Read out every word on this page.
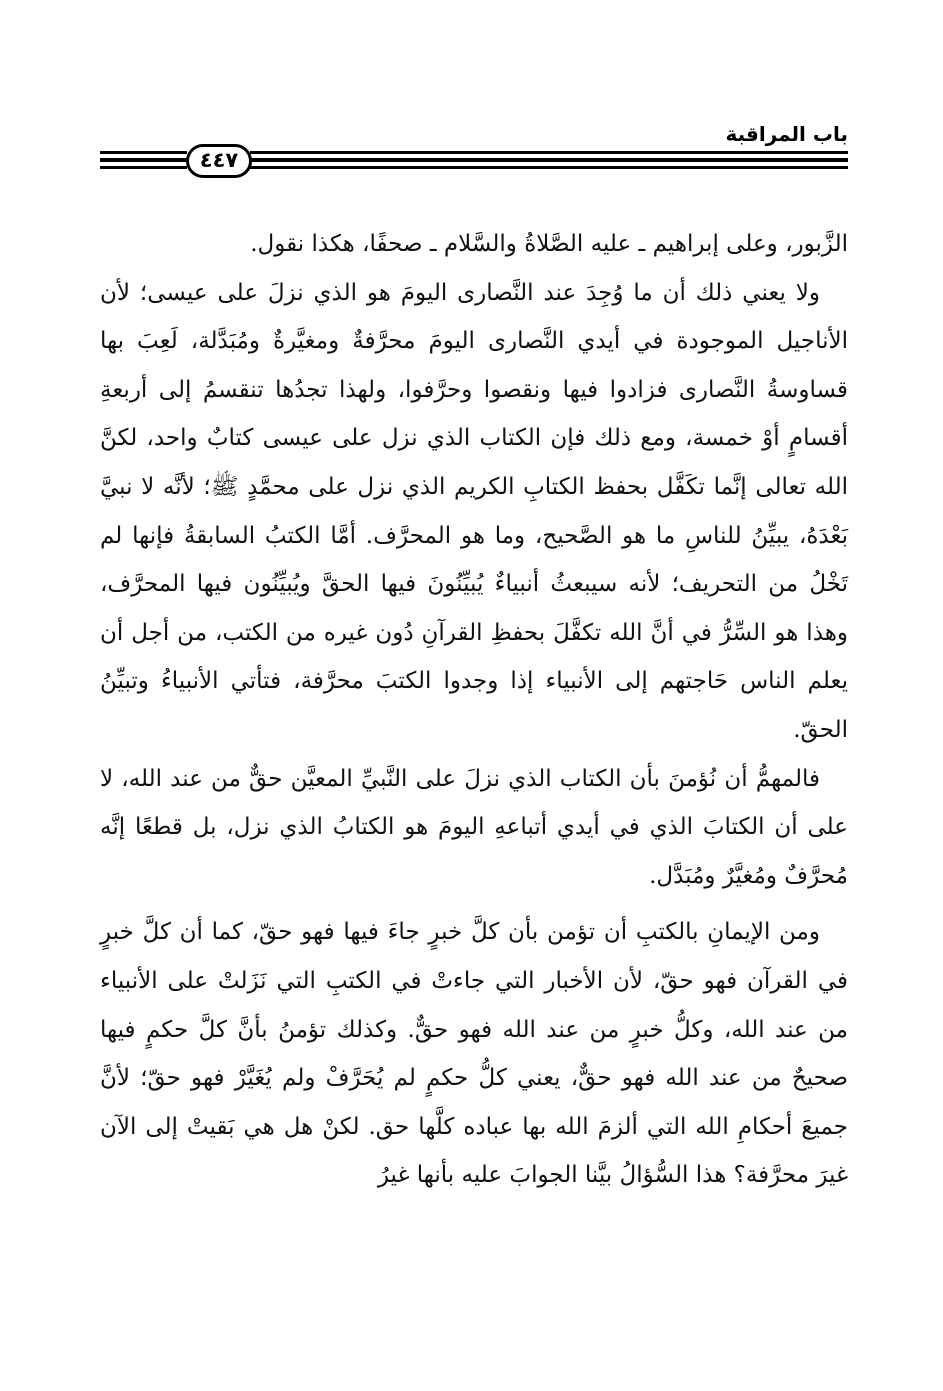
باب المراقبة
٤٤٧

الزَّبور، وعلى إبراهيم ـ عليه الصَّلاةُ والسَّلام ـ صحفًا، هكذا نقول.

ولا يعني ذلك أن ما وُجِدَ عند النَّصارى اليومَ هو الذي نزلَ على عيسى؛ لأن الأناجيل الموجودة في أيدي النَّصارى اليومَ محرَّفةٌ ومغيَّرةٌ ومُبَدَّلة، لَعِبَ بها قساوسةُ النَّصارى فزادوا فيها ونقصوا وحرَّفوا، ولهذا تجدُها تنقسمُ إلى أربعةِ أقسامٍ أوْ خمسة، ومع ذلك فإن الكتاب الذي نزل على عيسى كتابٌ واحد، لكنَّ الله تعالى إنَّما تكَفَّل بحفظ الكتابِ الكريم الذي نزل على محمَّدٍ ﷺ؛ لأنَّه لا نبيَّ بَعْدَهُ، يبيِّنُ للناسِ ما هو الصَّحيح، وما هو المحرَّف. أمَّا الكتبُ السابقةُ فإنها لم تَخْلُ من التحريف؛ لأنه سيبعثُ أنبياءٌ يُبيِّنُونَ فيها الحقَّ ويُبيِّنُون فيها المحرَّف، وهذا هو السِّرُّ في أنَّ الله تكفَّلَ بحفظِ القرآنِ دُون غيره من الكتب، من أجل أن يعلم الناس حَاجتهم إلى الأنبياء إذا وجدوا الكتبَ محرَّفة، فتأتي الأنبياءُ وتبيِّنُ الحقّ.

فالمهمُّ أن نُؤمنَ بأن الكتاب الذي نزلَ على النَّبيِّ المعيَّن حقٌّ من عند الله، لا على أن الكتابَ الذي في أيدي أتباعهِ اليومَ هو الكتابُ الذي نزل، بل قطعًا إنَّه مُحرَّفٌ ومُغيَّرٌ ومُبَدَّل.

ومن الإيمانِ بالكتبِ أن تؤمن بأن كلَّ خبرٍ جاءَ فيها فهو حقّ، كما أن كلَّ خبرٍ في القرآن فهو حقّ، لأن الأخبار التي جاءتْ في الكتبِ التي نَزَلتْ على الأنبياء من عند الله، وكلُّ خبرٍ من عند الله فهو حقٌّ. وكذلك تؤمنُ بأنَّ كلَّ حكمٍ فيها صحيحٌ من عند الله فهو حقٌّ، يعني كلُّ حكمٍ لم يُحَرَّفْ ولم يُغَيَّرْ فهو حقّ؛ لأنَّ جميعَ أحكامِ الله التي ألزمَ الله بها عباده كلَّها حق. لكنْ هل هي بَقيتْ إلى الآن غيرَ محرَّفة؟ هذا السُّؤالُ بيَّنا الجوابَ عليه بأنها غيرُ
